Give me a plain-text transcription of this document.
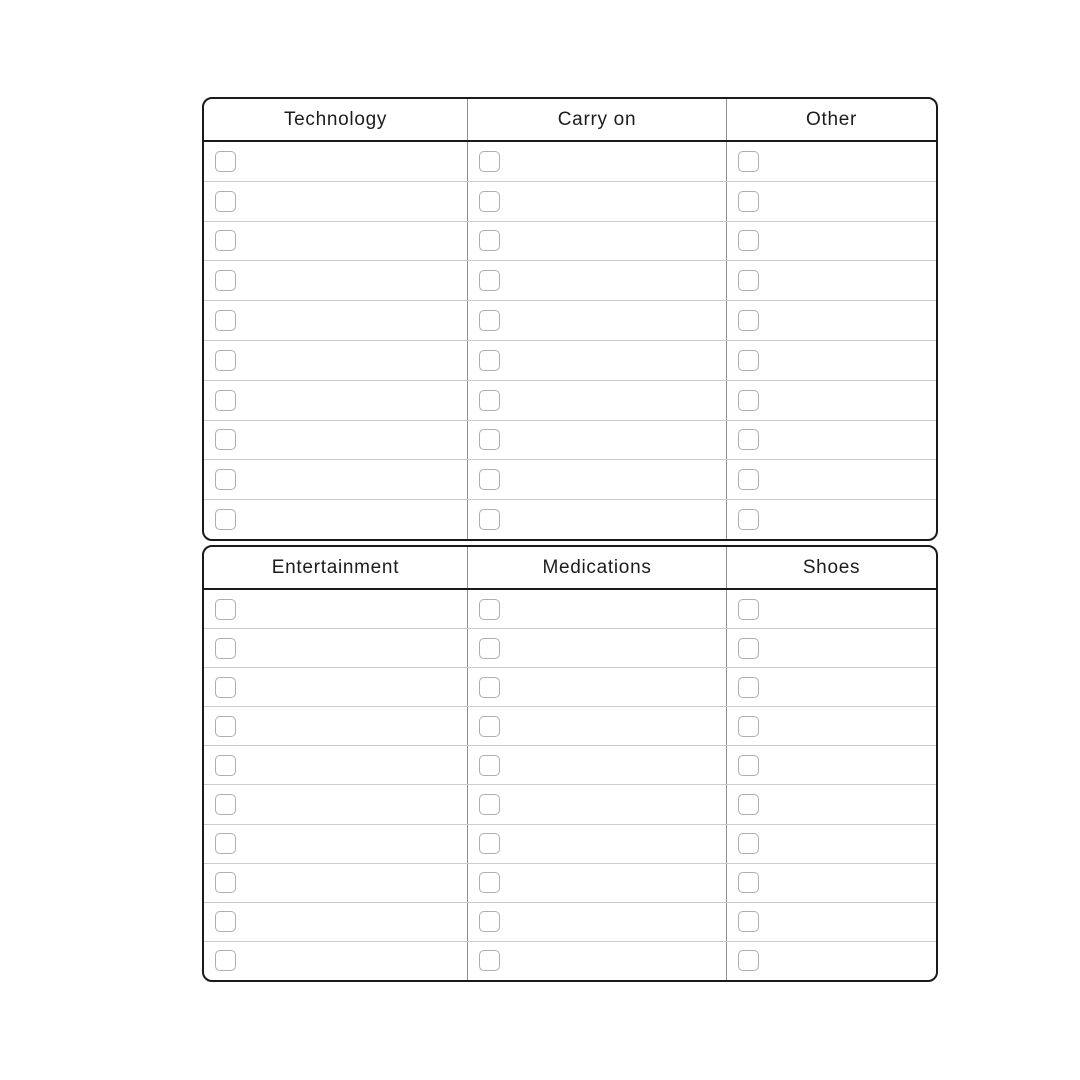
Technology	Carry on	Other
Entertainment	Medications	Shoes
